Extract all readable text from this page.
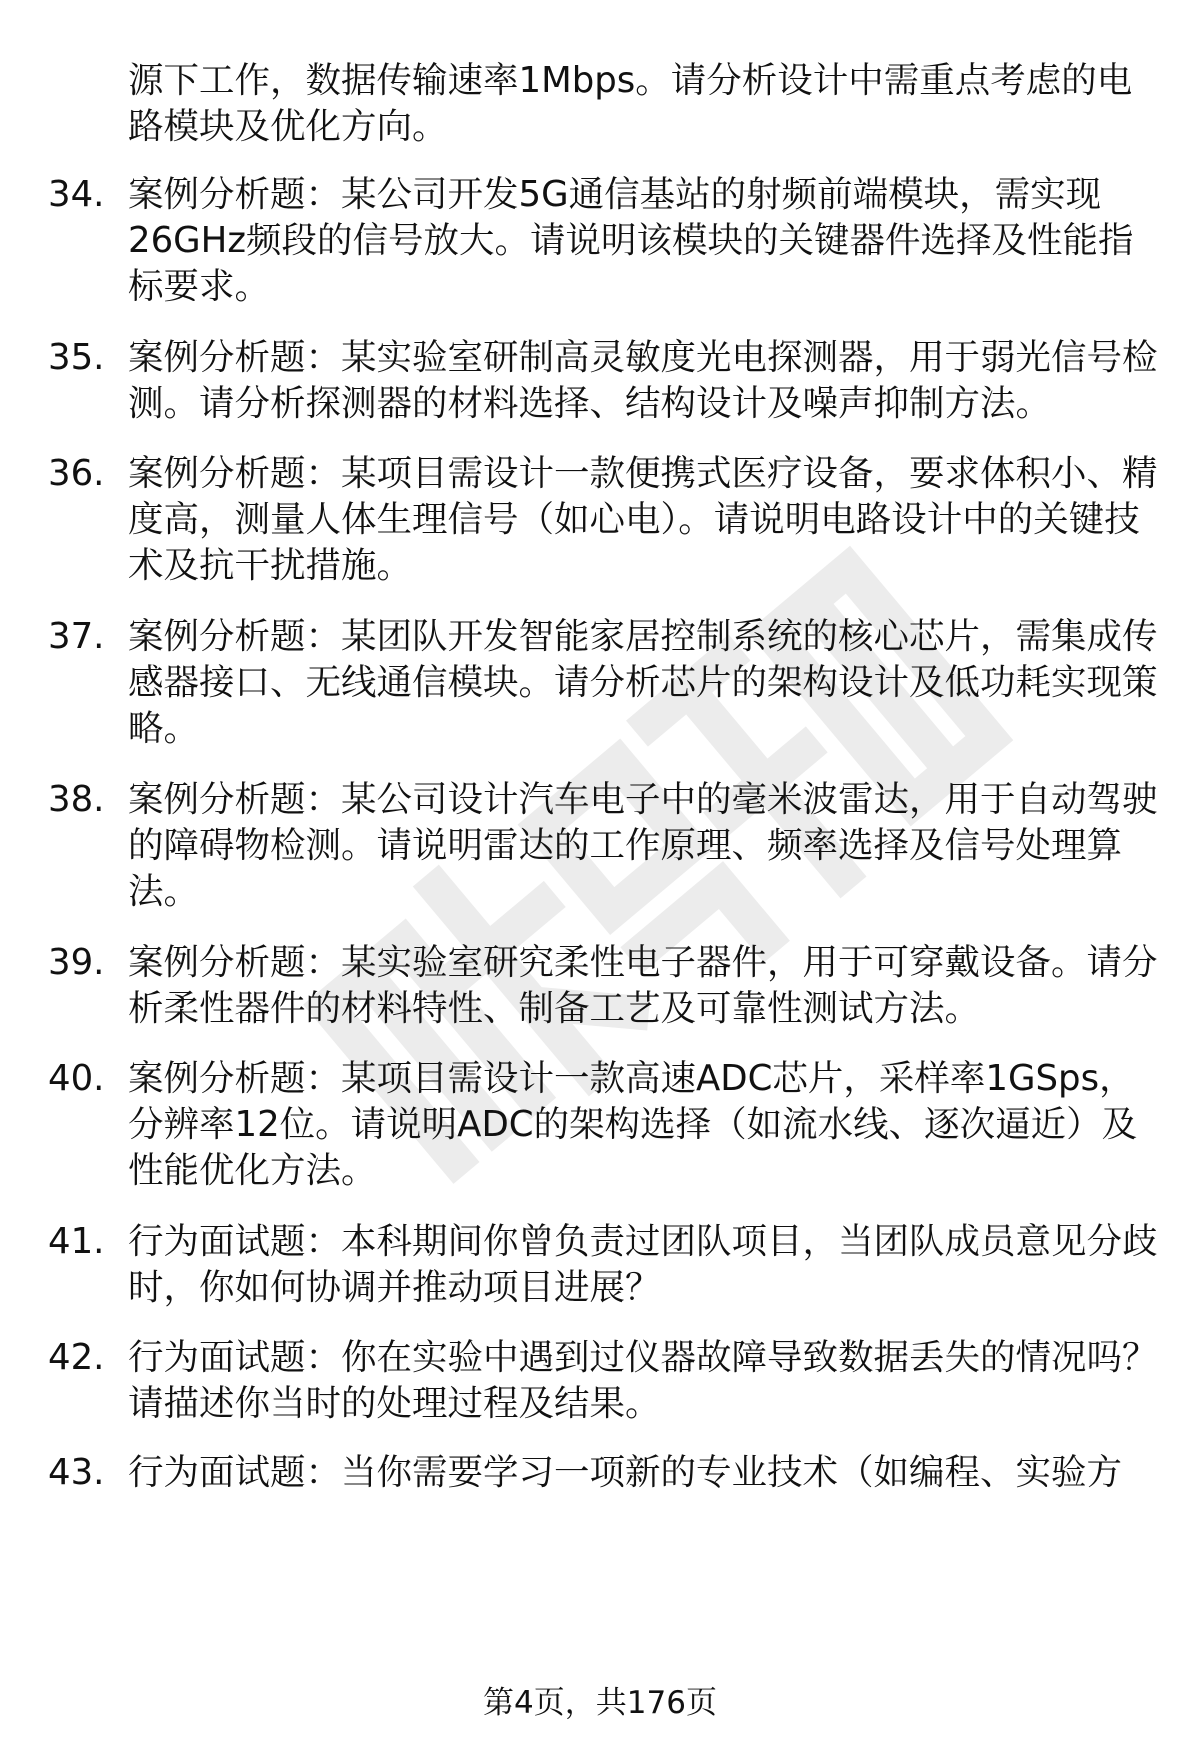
源下工作，数据传输速率1Mbps。请分析设计中需重点考虑的电路模块及优化方向。
34. 案例分析题：某公司开发5G通信基站的射频前端模块，需实现26GHz频段的信号放大。请说明该模块的关键器件选择及性能指标要求。
35. 案例分析题：某实验室研制高灵敏度光电探测器，用于弱光信号检测。请分析探测器的材料选择、结构设计及噪声抑制方法。
36. 案例分析题：某项目需设计一款便携式医疗设备，要求体积小、精度高，测量人体生理信号（如心电）。请说明电路设计中的关键技术及抗干扰措施。
37. 案例分析题：某团队开发智能家居控制系统的核心芯片，需集成传感器接口、无线通信模块。请分析芯片的架构设计及低功耗实现策略。
38. 案例分析题：某公司设计汽车电子中的毫米波雷达，用于自动驾驶的障碍物检测。请说明雷达的工作原理、频率选择及信号处理算法。
39. 案例分析题：某实验室研究柔性电子器件，用于可穿戴设备。请分析柔性器件的材料特性、制备工艺及可靠性测试方法。
40. 案例分析题：某项目需设计一款高速ADC芯片，采样率1GSps，分辨率12位。请说明ADC的架构选择（如流水线、逐次逼近）及性能优化方法。
41. 行为面试题：本科期间你曾负责过团队项目，当团队成员意见分歧时，你如何协调并推动项目进展？
42. 行为面试题：你在实验中遇到过仪器故障导致数据丢失的情况吗？请描述你当时的处理过程及结果。
43. 行为面试题：当你需要学习一项新的专业技术（如编程、实验方
第4页，共176页
